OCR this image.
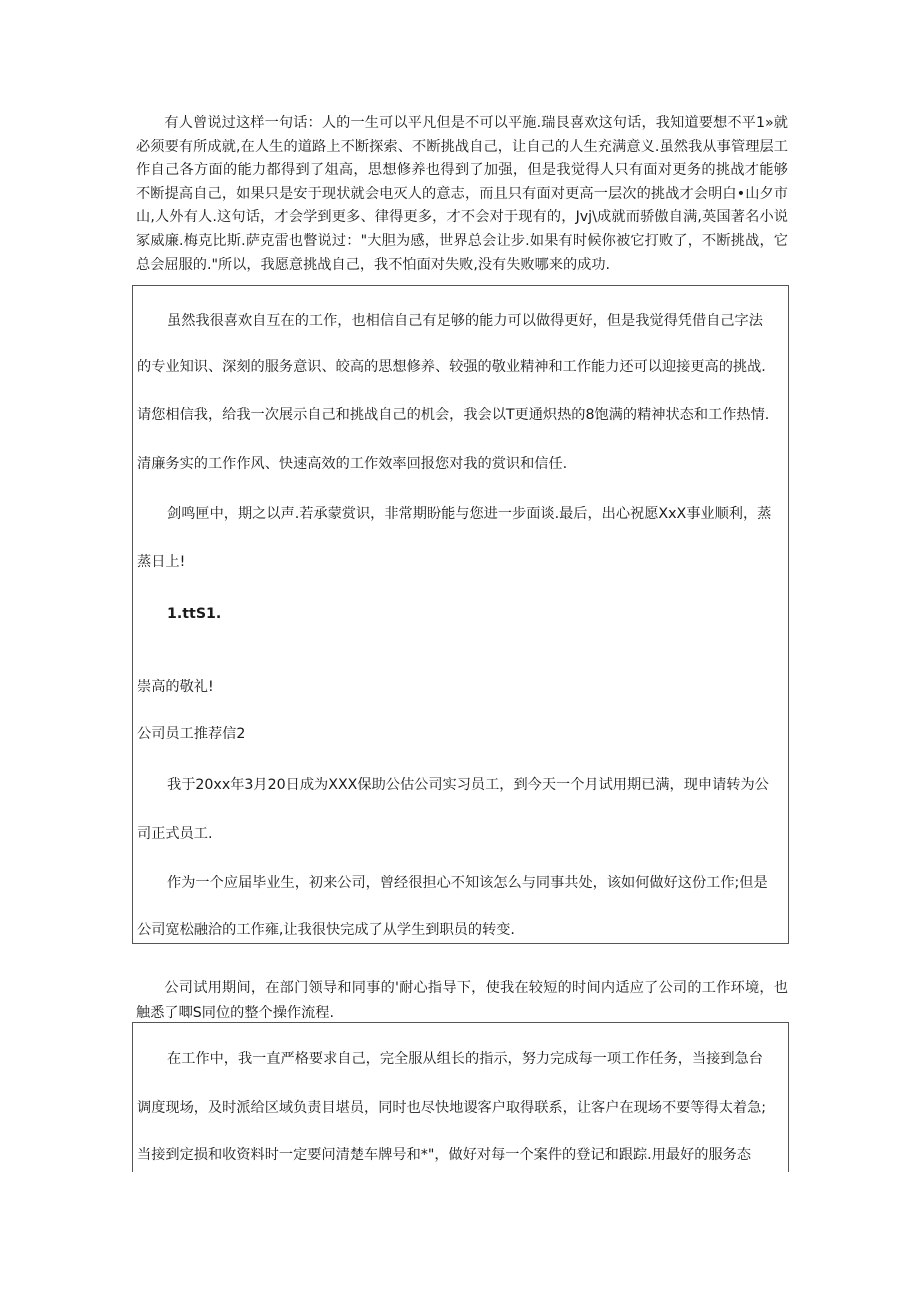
有人曾说过这样一句话：人的一生可以平凡但是不可以平施.瑞艮喜欢这句话，我知道要想不平1»就必须要有所成就,在人生的道路上不断探索、不断挑战自己，让自己的人生充满意义.虽然我从事管理层工作自己各方面的能力都得到了俎高，思想修养也得到了加强，但是我觉得人只有面对更务的挑战才能够不断提高自己，如果只是安于现状就会电灭人的意志，而且只有面对更高一层次的挑战才会明白•山夕市山,人外有人.这句话，才会学到更多、律得更多，才不会对于现有的，Jvj\成就而骄傲自满,英国著名小说冢威廉.梅克比斯.萨克雷也瞥说过："大胆为感，世界总会让步.如果有时候你被它打败了，不断挑战，它总会屈服的."所以，我愿意挑战自己，我不怕面对失败,没有失败哪来的成功.

虽然我很喜欢自互在的工作，也相信自己有足够的能力可以做得更好，但是我觉得凭借自己字法

的专业知识、深刻的服务意识、皎高的思想修养、较强的敬业精神和工作能力还可以迎接更高的挑战.

请您相信我，给我一次展示自己和挑战自己的机会，我会以T更通炽热的8饱满的精神状态和工作热情.

清廉务实的工作作风、快速高效的工作效率回报您对我的赏识和信任.

剑鸣匣中，期之以声.若承蒙赏识，非常期盼能与您进一步面谈.最后，出心祝愿XxX事业顺利，蒸

蒸日上!

1.ttS1.

崇高的敬礼!

公司员工推荐信2

我于20xx年3月20日成为XXX保助公估公司实习员工，到今天一个月试用期已满，现申请转为公

司正式员工.

作为一个应届毕业生，初来公司，曾经很担心不知该怎么与同事共处，该如何做好这份工作;但是

公司宽松融洽的工作雍,让我很快完成了从学生到职员的转变.

公司试用期间，在部门领导和同事的'耐心指导下，使我在较短的时间内适应了公司的工作环境，也触悉了唧S同位的整个操作流程.

在工作中，我一直严格要求自己，完全服从组长的指示，努力完成每一项工作任务，当接到急台

调度现场，及时派给区域负责目堪员，同时也尽快地谡客户取得联系，让客户在现场不要等得太着急;

当接到定损和收资料时一定要问清楚车牌号和*"，做好对每一个案件的登记和跟踪.用最好的服务态
